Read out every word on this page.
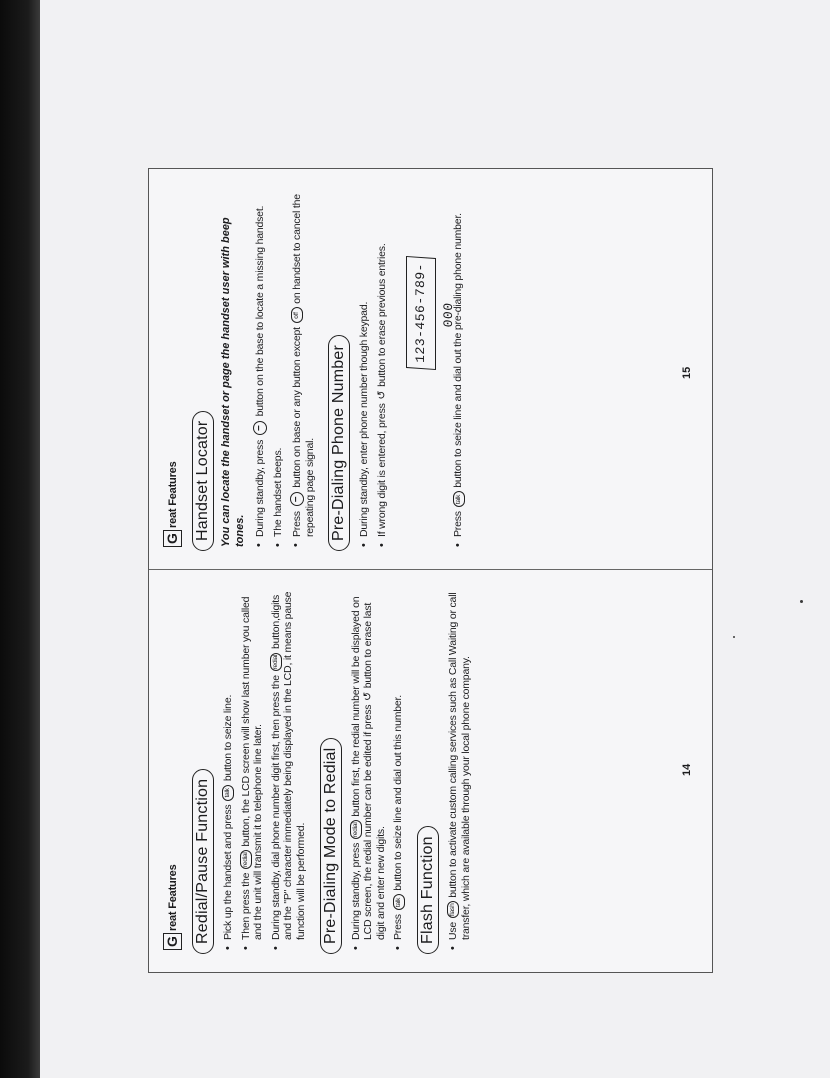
G
reat Features Redial/Pause Function • Pick up the handset and press talk button to seize line.
• Then press the redial button, the LCD screen will show last number you called and the unit will transmit it to telephone line later. • During standby, dial phone number digit first, then press the redial button,digits and the "P" character immediately being displayed in the LCD, it means pause function will be performed. Pre-Dialing Mode to Redial • During standby, press redial button first, the redial number will be displayed on LCD screen, the redial number can be edited if press ↺ button to erase last digit and enter new digits. • Press talk button to seize line and dial out this number. Flash Function • Use flash button to activate custom calling services such as Call Waiting or call transfer, which are available through your local phone company.	14
G
reat Features Handset Locator You can locate the handset or page the handset user with beep tones. • During standby, press − button on the base to locate a missing handset.
• The handset beeps. • Press − button on base or any button except off on handset to cancel the repeating page signal. Pre-Dialing Phone Number • During standby, enter phone number though keypad. • If wrong digit is entered, press ↺ button to erase previous entries.	123-456-789-000
• Press talk button to seize line and dial out the pre-dialing phone number.	15
